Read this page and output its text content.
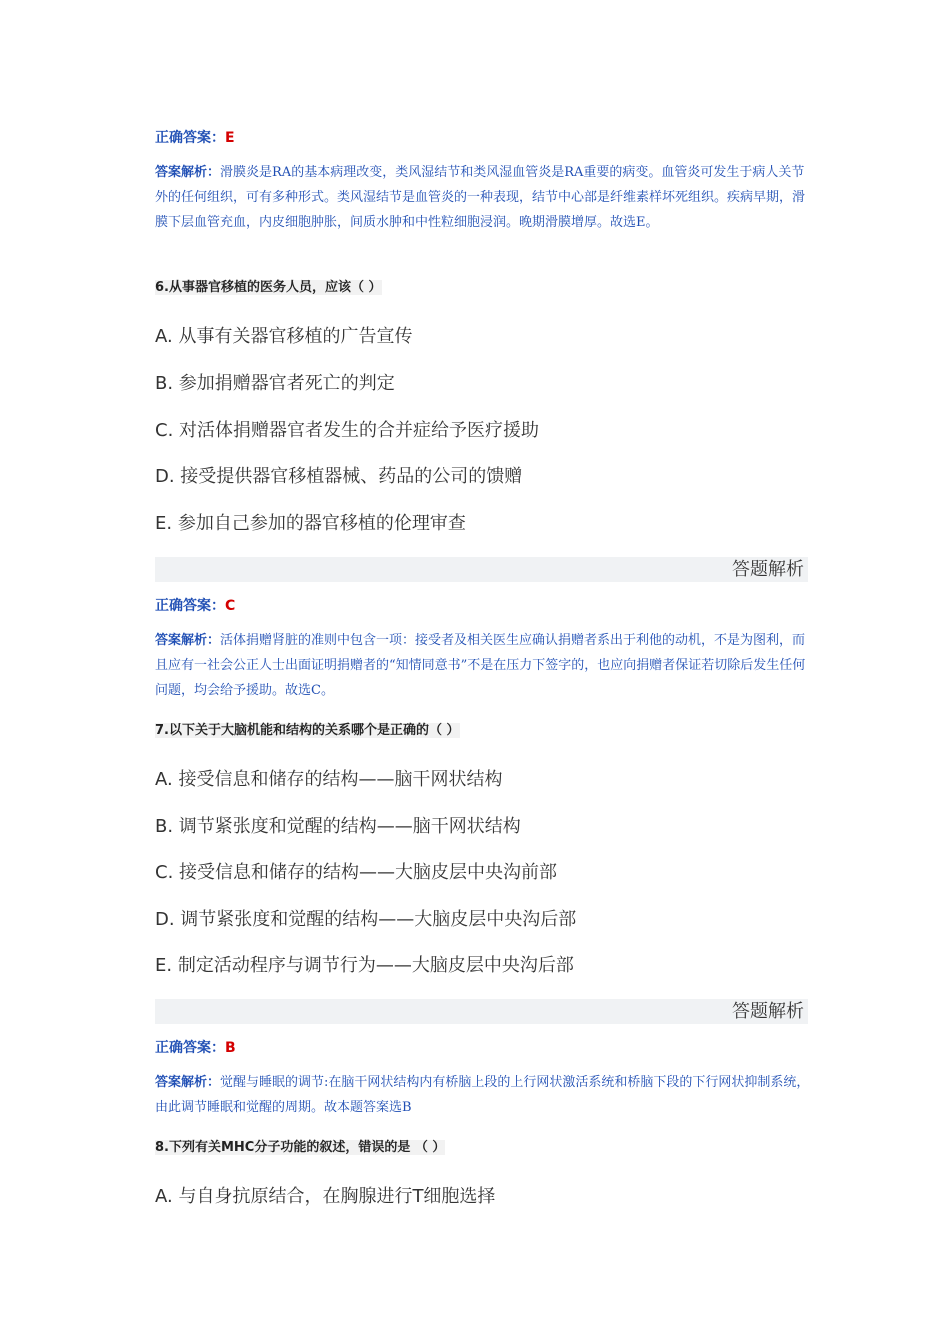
正确答案：E
答案解析：滑膜炎是RA的基本病理改变，类风湿结节和类风湿血管炎是RA重要的病变。血管炎可发生于病人关节外的任何组织，可有多种形式。类风湿结节是血管炎的一种表现，结节中心部是纤维素样坏死组织。疾病早期，滑膜下层血管充血，内皮细胞肿胀，间质水肿和中性粒细胞浸润。晚期滑膜增厚。故选E。
6.从事器官移植的医务人员，应该（ ）
A. 从事有关器官移植的广告宣传
B. 参加捐赠器官者死亡的判定
C. 对活体捐赠器官者发生的合并症给予医疗援助
D. 接受提供器官移植器械、药品的公司的馈赠
E. 参加自己参加的器官移植的伦理审查
答题解析
正确答案：C
答案解析：活体捐赠肾脏的准则中包含一项：接受者及相关医生应确认捐赠者系出于利他的动机，不是为图利，而且应有一社会公正人士出面证明捐赠者的“知情同意书”不是在压力下签字的，也应向捐赠者保证若切除后发生任何问题，均会给予援助。故选C。
7.以下关于大脑机能和结构的关系哪个是正确的（ ）
A. 接受信息和储存的结构——脑干网状结构
B. 调节紧张度和觉醒的结构——脑干网状结构
C. 接受信息和储存的结构——大脑皮层中央沟前部
D. 调节紧张度和觉醒的结构——大脑皮层中央沟后部
E. 制定活动程序与调节行为——大脑皮层中央沟后部
答题解析
正确答案：B
答案解析：觉醒与睡眠的调节:在脑干网状结构内有桥脑上段的上行网状激活系统和桥脑下段的下行网状抑制系统，由此调节睡眠和觉醒的周期。故本题答案选B
8.下列有关MHC分子功能的叙述，错误的是 （ ）
A. 与自身抗原结合，在胸腺进行T细胞选择
